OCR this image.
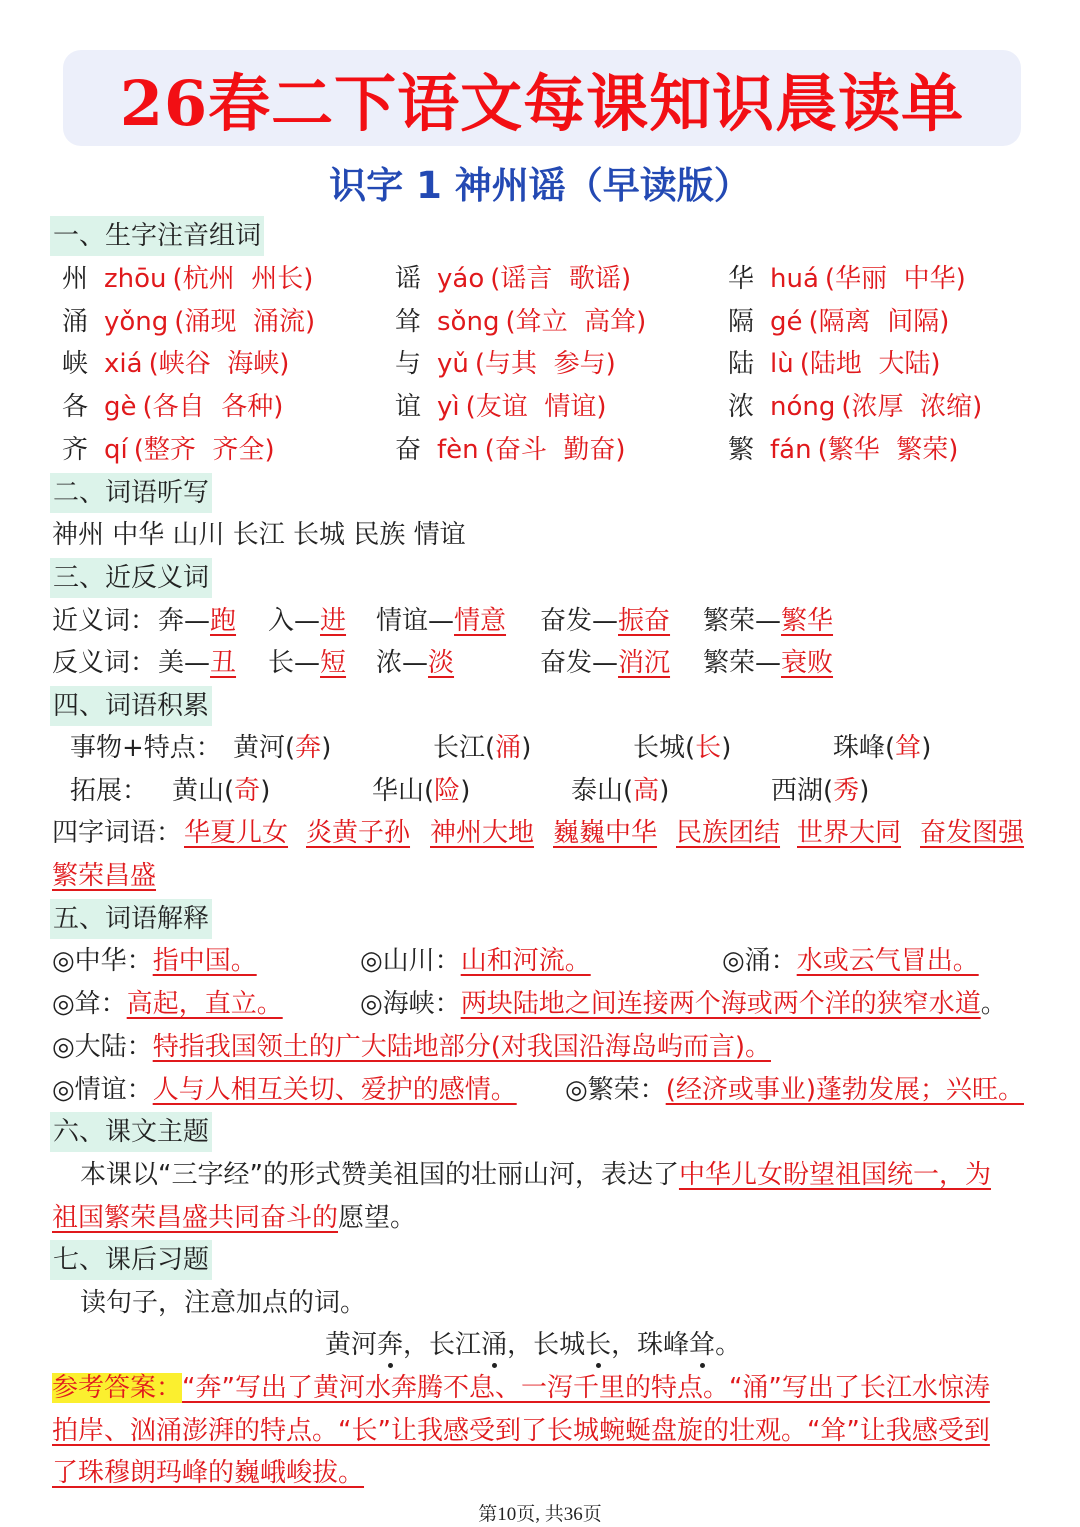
26春二下语文每课知识晨读单
识字 1 神州谣（早读版）
一、生字注音组词
州 zhōu (杭州  州长)	谣 yáo (谣言  歌谣)	华 huá (华丽  中华)
涌 yǒng (涌现  涌流)	耸 sǒng (耸立  高耸)	隔 gé (隔离  间隔)
峡 xiá (峡谷  海峡)	与 yǔ (与其  参与)	陆 lù (陆地  大陆)
各 gè (各自  各种)	谊 yì (友谊  情谊)	浓 nóng (浓厚  浓缩)
齐 qí (整齐  齐全)	奋 fèn (奋斗  勤奋)	繁 fán (繁华  繁荣)
二、词语听写
神州 中华 山川 长江 长城 民族 情谊
三、近反义词
近义词： 奔—跑 入—进 情谊—情意 奋发—振奋 繁荣—繁华
反义词： 美—丑 长—短 浓—淡	奋发—消沉 繁荣—衰败
四、词语积累
事物+特点： 黄河(奔)	长江(涌)	长城(长)	珠峰(耸)
拓展： 黄山(奇)	华山(险)	泰山(高)	西湖(秀)
四字词语： 华夏儿女 炎黄子孙 神州大地 巍巍中华 民族团结 世界大同 奋发图强
繁荣昌盛
五、词语解释
◎中华：指中国。	◎山川：山和河流。	◎涌：水或云气冒出。
◎耸：高起，直立。	◎海峡：两块陆地之间连接两个海或两个洋的狭窄水道。
◎大陆：特指我国领土的广大陆地部分(对我国沿海岛屿而言)。
◎情谊：人与人相互关切、爱护的感情。 ◎繁荣：(经济或事业)蓬勃发展；兴旺。
六、课文主题
本课以“三字经”的形式赞美祖国的壮丽山河，表达了中华儿女盼望祖国统一，为
祖国繁荣昌盛共同奋斗的愿望。
七、课后习题
读句子，注意加点的词。
黄河奔，长江涌，长城长，珠峰耸。
参考答案：“奔”写出了黄河水奔腾不息、一泻千里的特点。“涌”写出了长江水惊涛
拍岸、汹涌澎湃的特点。“长”让我感受到了长城蜿蜒盘旋的壮观。“耸”让我感受到
了珠穆朗玛峰的巍峨峻拔。
第10页, 共36页
